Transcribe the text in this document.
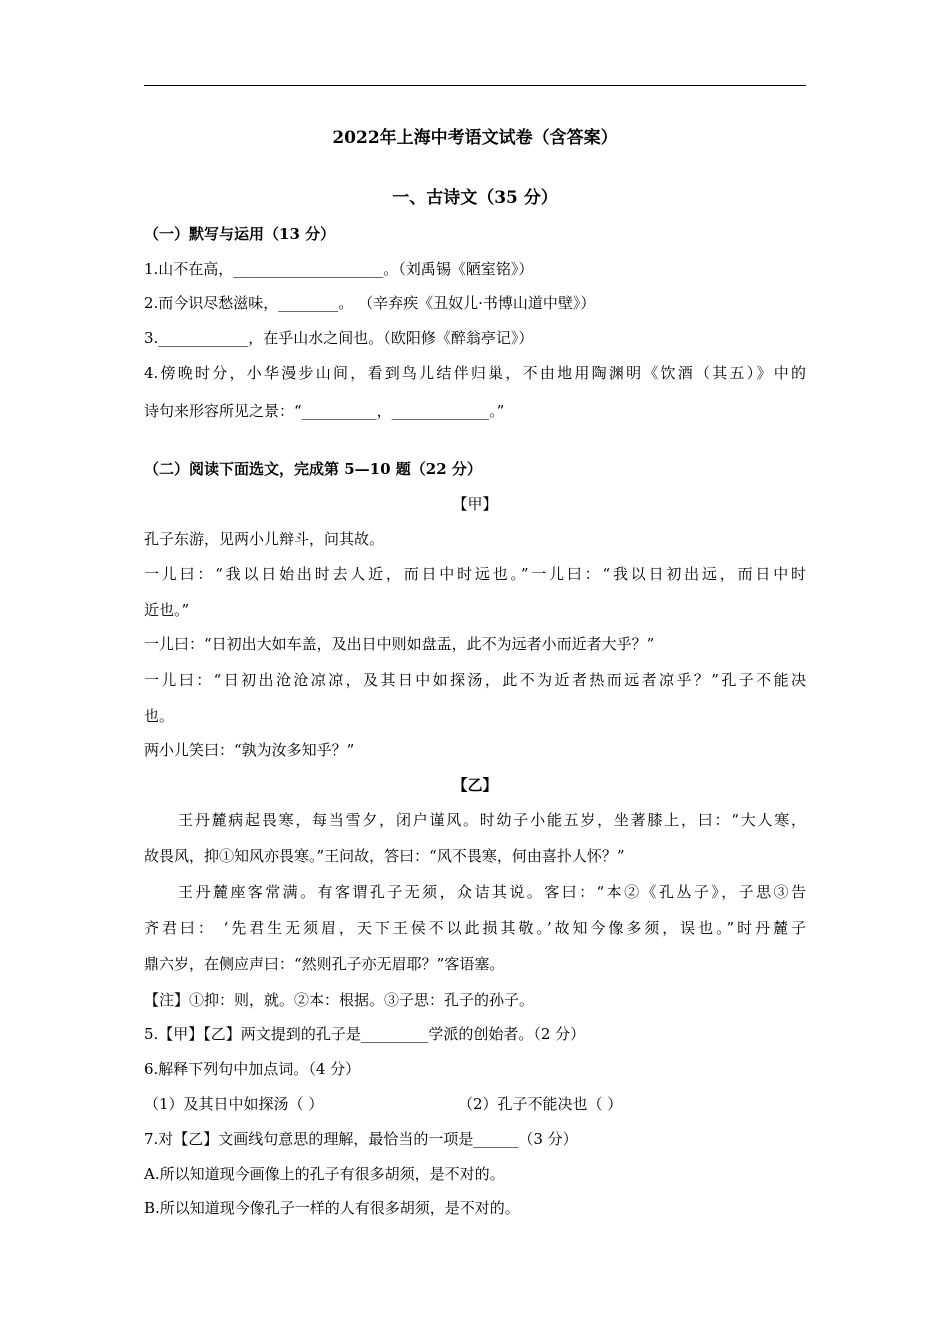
2022年上海中考语文试卷（含答案）
一、古诗文（35 分）
（一）默写与运用（13 分）
1.山不在高，____________________。（刘禹锡《陋室铭》）
2.而今识尽愁滋味，________。 （辛弃疾《丑奴儿·书博山道中壁》）
3.____________，在乎山水之间也。（欧阳修《醉翁亭记》）
4.傍晚时分，小华漫步山间，看到鸟儿结伴归巢，不由地用陶渊明《饮酒（其五）》中的
诗句来形容所见之景：“__________，_____________。”
（二）阅读下面选文，完成第 5—10 题（22 分）
【甲】
孔子东游，见两小儿辩斗，问其故。
一儿曰：“我以日始出时去人近，而日中时远也。”一儿曰：“我以日初出远，而日中时
近也。”
一儿曰：“日初出大如车盖，及出日中则如盘盂，此不为远者小而近者大乎？”
一儿曰：“日初出沧沧凉凉，及其日中如探汤，此不为近者热而远者凉乎？”孔子不能决
也。
两小儿笑曰：“孰为汝多知乎？”
【乙】
王丹麓病起畏寒，每当雪夕，闭户谨风。时幼子小能五岁，坐著膝上，曰：“大人寒，
故畏风，抑①知风亦畏寒。”王问故，答曰：“风不畏寒，何由喜扑人怀？”
王丹麓座客常满。有客谓孔子无须，众诘其说。客曰：“本②《孔丛子》，子思③告
齐君曰： ‘先君生无须眉，天下王侯不以此损其敬。’故知今像多须，误也。”时丹麓子
鼎六岁，在侧应声曰：“然则孔子亦无眉耶？”客语塞。
【注】①抑：则，就。②本：根据。③子思：孔子的孙子。
5.【甲】【乙】两文提到的孔子是_________学派的创始者。（2 分）
6.解释下列句中加点词。（4 分）
（1）及其日中如探汤（ ）	（2）孔子不能决也（ ）
7.对【乙】文画线句意思的理解，最恰当的一项是______（3 分）
A.所以知道现今画像上的孔子有很多胡须，是不对的。
B.所以知道现今像孔子一样的人有很多胡须，是不对的。
